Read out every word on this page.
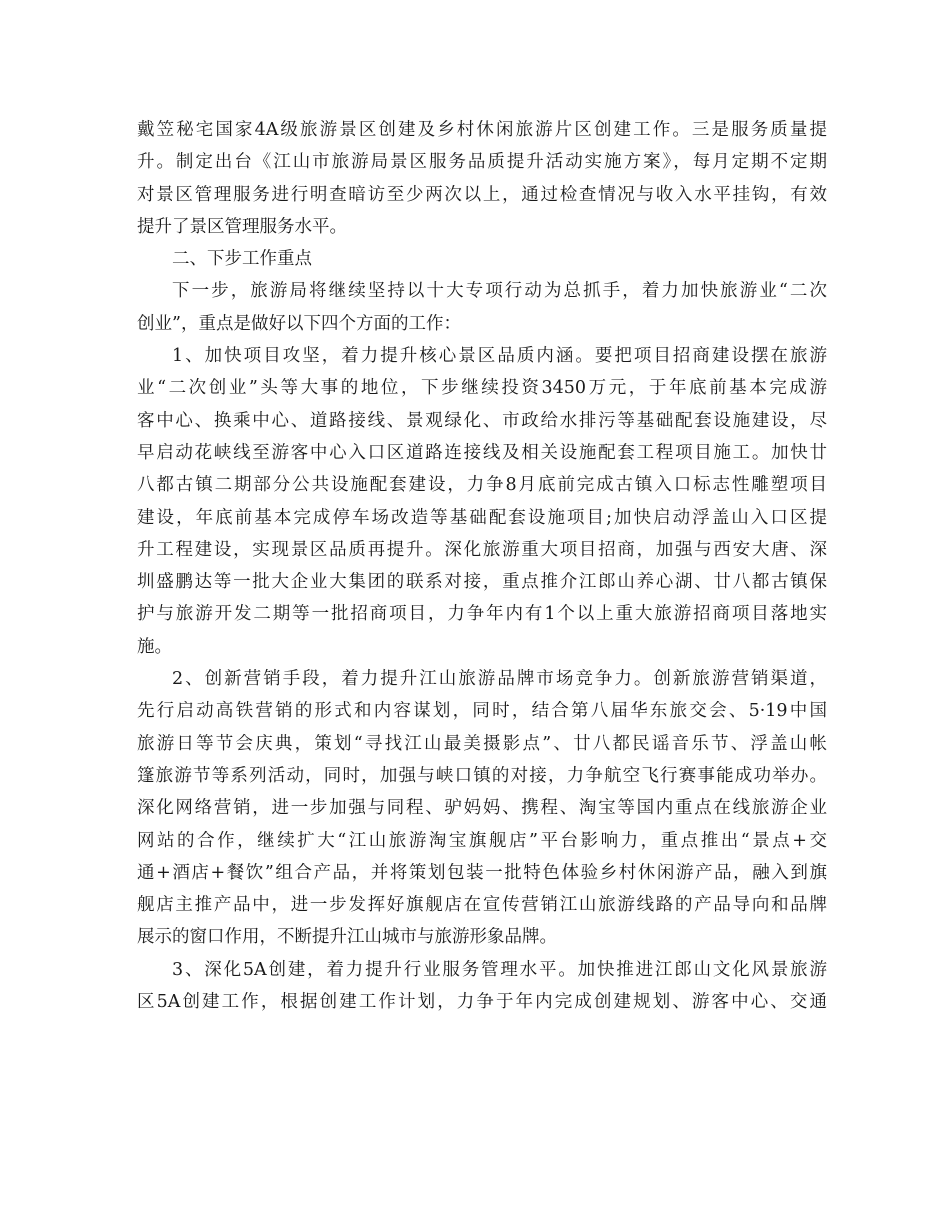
戴笠秘宅国家4A级旅游景区创建及乡村休闲旅游片区创建工作。三是服务质量提
升。制定出台《江山市旅游局景区服务品质提升活动实施方案》，每月定期不定期
对景区管理服务进行明查暗访至少两次以上，通过检查情况与收入水平挂钩，有效
提升了景区管理服务水平。
二、下步工作重点
下一步，旅游局将继续坚持以十大专项行动为总抓手，着力加快旅游业“二次
创业”，重点是做好以下四个方面的工作：
1、加快项目攻坚，着力提升核心景区品质内涵。要把项目招商建设摆在旅游
业“二次创业”头等大事的地位，下步继续投资3450万元，于年底前基本完成游
客中心、换乘中心、道路接线、景观绿化、市政给水排污等基础配套设施建设，尽
早启动花峡线至游客中心入口区道路连接线及相关设施配套工程项目施工。加快廿
八都古镇二期部分公共设施配套建设，力争8月底前完成古镇入口标志性雕塑项目
建设，年底前基本完成停车场改造等基础配套设施项目;加快启动浮盖山入口区提
升工程建设，实现景区品质再提升。深化旅游重大项目招商，加强与西安大唐、深
圳盛鹏达等一批大企业大集团的联系对接，重点推介江郎山养心湖、廿八都古镇保
护与旅游开发二期等一批招商项目，力争年内有1个以上重大旅游招商项目落地实
施。
2、创新营销手段，着力提升江山旅游品牌市场竞争力。创新旅游营销渠道，
先行启动高铁营销的形式和内容谋划，同时，结合第八届华东旅交会、5·19中国
旅游日等节会庆典，策划“寻找江山最美摄影点”、廿八都民谣音乐节、浮盖山帐
篷旅游节等系列活动，同时，加强与峡口镇的对接，力争航空飞行赛事能成功举办。
深化网络营销，进一步加强与同程、驴妈妈、携程、淘宝等国内重点在线旅游企业
网站的合作，继续扩大“江山旅游淘宝旗舰店”平台影响力，重点推出“景点+交
通+酒店+餐饮”组合产品，并将策划包装一批特色体验乡村休闲游产品，融入到旗
舰店主推产品中，进一步发挥好旗舰店在宣传营销江山旅游线路的产品导向和品牌
展示的窗口作用，不断提升江山城市与旅游形象品牌。
3、深化5A创建，着力提升行业服务管理水平。加快推进江郎山文化风景旅游
区5A创建工作，根据创建工作计划，力争于年内完成创建规划、游客中心、交通
